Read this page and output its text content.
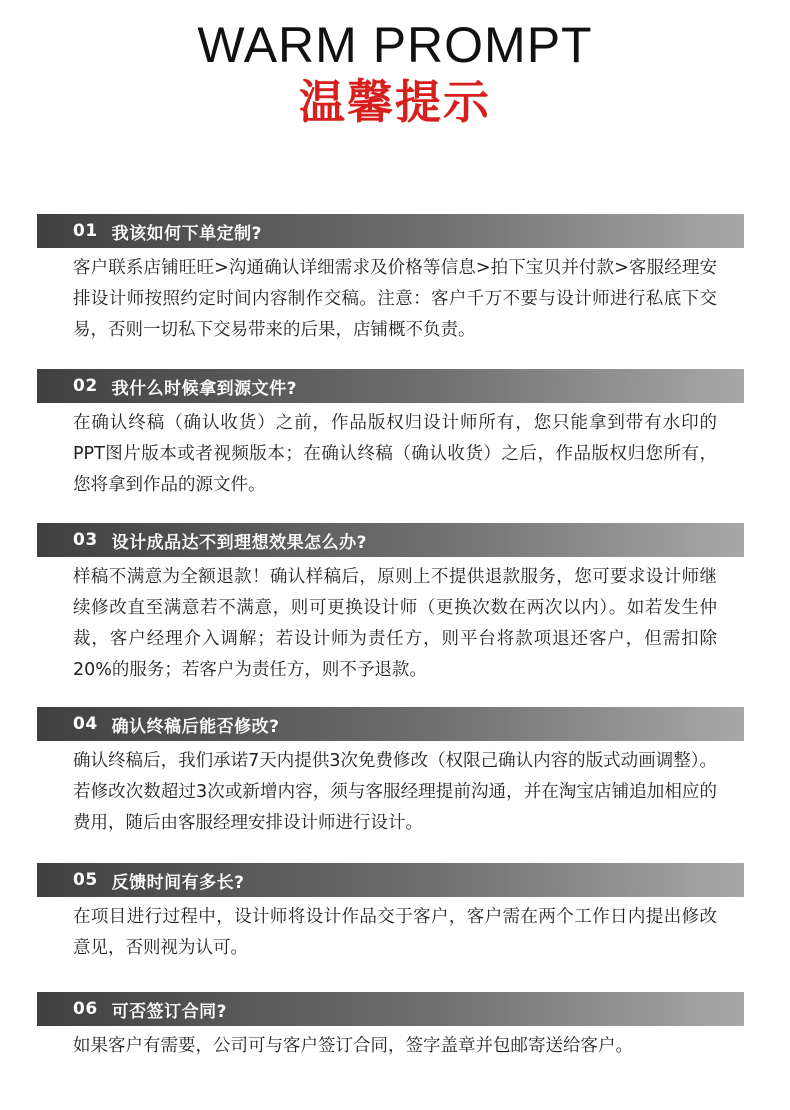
WARM PROMPT
温馨提示
01 我该如何下单定制?
客户联系店铺旺旺>沟通确认详细需求及价格等信息>拍下宝贝并付款>客服经理安排设计师按照约定时间内容制作交稿。注意：客户千万不要与设计师进行私底下交易，否则一切私下交易带来的后果，店铺概不负责。
02 我什么时候拿到源文件?
在确认终稿（确认收货）之前，作品版权归设计师所有，您只能拿到带有水印的PPT图片版本或者视频版本；在确认终稿（确认收货）之后，作品版权归您所有，您将拿到作品的源文件。
03 设计成品达不到理想效果怎么办?
样稿不满意为全额退款！确认样稿后，原则上不提供退款服务，您可要求设计师继续修改直至满意若不满意，则可更换设计师（更换次数在两次以内）。如若发生仲裁，客户经理介入调解；若设计师为责任方，则平台将款项退还客户，但需扣除20%的服务；若客户为责任方，则不予退款。
04 确认终稿后能否修改?
确认终稿后，我们承诺7天内提供3次免费修改（权限己确认内容的版式动画调整）。若修改次数超过3次或新增内容，须与客服经理提前沟通，并在淘宝店铺追加相应的费用，随后由客服经理安排设计师进行设计。
05 反馈时间有多长?
在项目进行过程中，设计师将设计作品交于客户，客户需在两个工作日内提出修改意见，否则视为认可。
06 可否签订合同?
如果客户有需要，公司可与客户签订合同，签字盖章并包邮寄送给客户。
